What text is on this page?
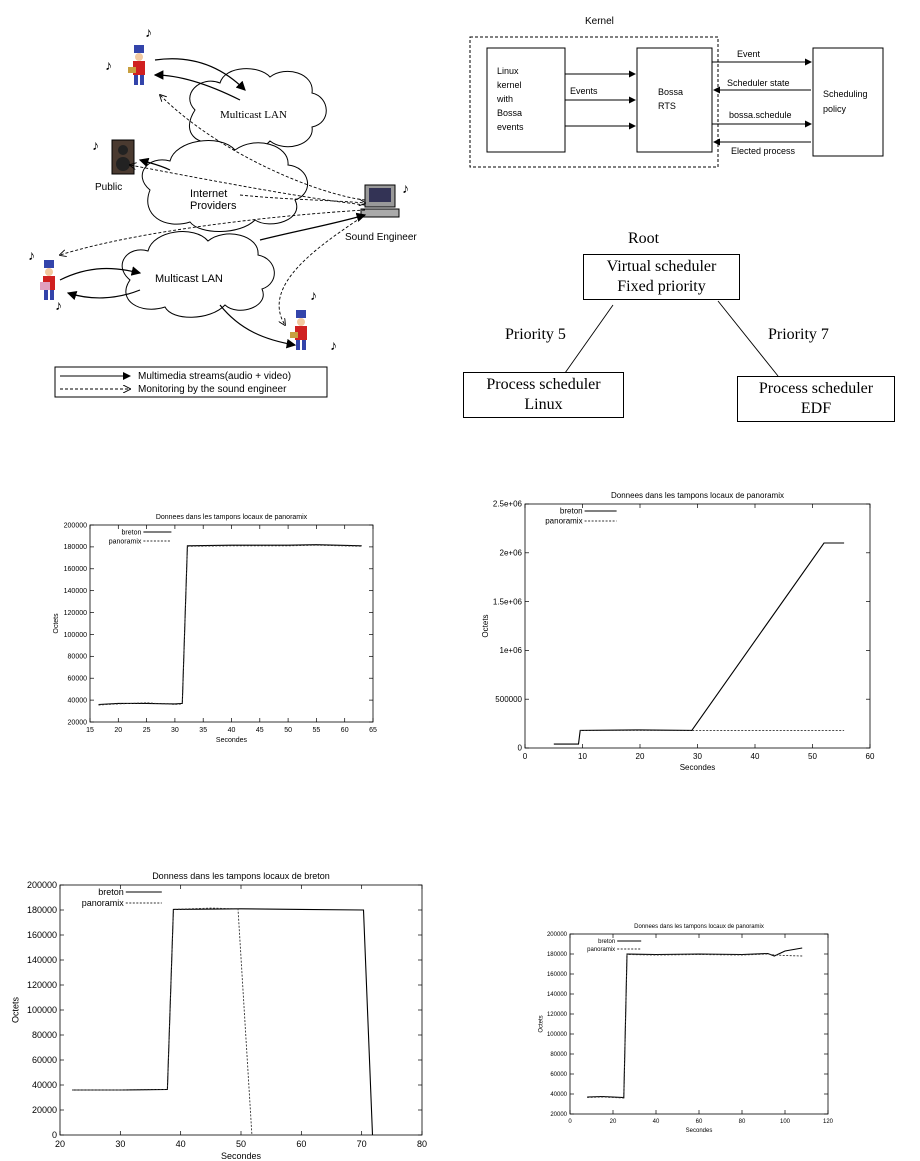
Multicast LAN
Internet
Providers
Multicast LAN
Public
Sound Engineer
♪
♪
♪
♪
♪
♪
♪
♪
Multimedia streams(audio + video)
Monitoring by the sound engineer
Kernel
Linux
kernel
with
Bossa
events
Bossa
RTS
Events	Scheduling
policy
Event
Scheduler state
bossa.schedule
Elected process
Root
Virtual scheduler
Fixed priority
Priority 5	Priority 7
Process scheduler
Linux
Process scheduler
EDF
Donnees dans les tampons locaux de panoramix
15	20	25	30	35	40	45	50	55	60	65
20000
40000
60000
80000
100000
120000
140000
160000
180000
200000
Secondes
Octets
breton
panoramix
Donnees dans les tampons locaux de panoramix
0	10	20	30	40	50	60
0
500000
1e+06
1.5e+06
2e+06
2.5e+06
Secondes
Octets
breton
panoramix
Donness dans les tampons locaux de breton
20	30	40	50	60	70	80
0
20000
40000
60000
80000
100000
120000
140000
160000
180000
200000
Secondes
Octets
breton
panoramix
Donnees dans les tampons locaux de panoramix
0	20	40	60	80	100	120
20000
40000
60000
80000
100000
120000
140000
160000
180000
200000
Secondes
Octets
breton
panoramix
